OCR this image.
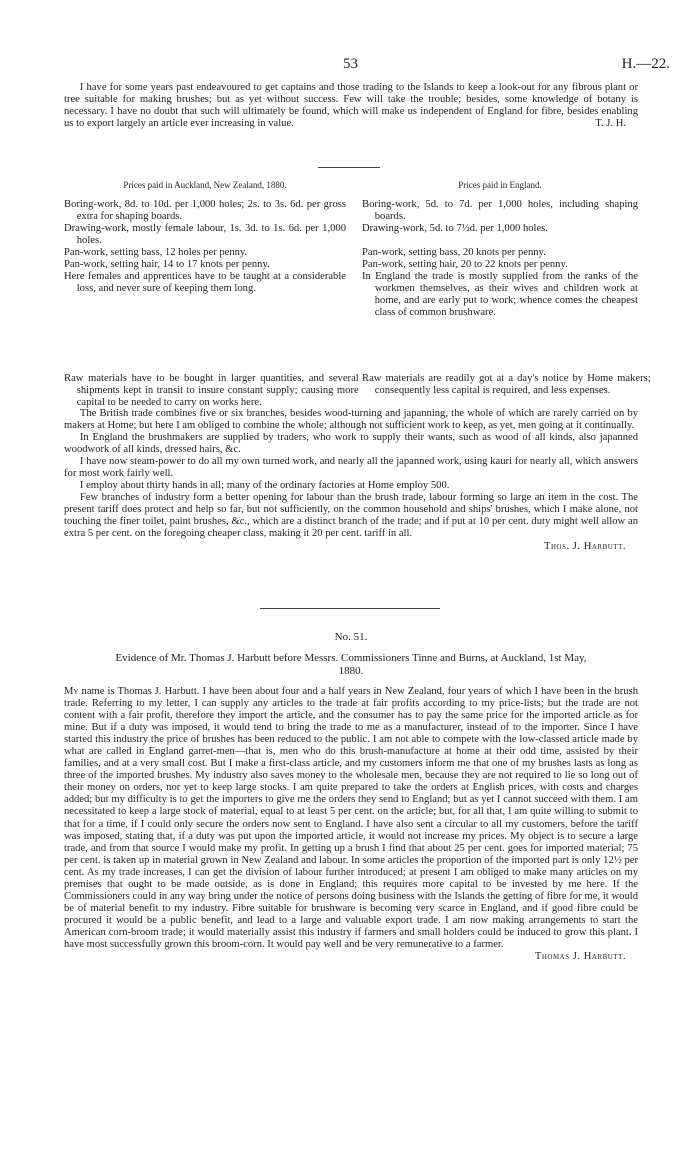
53	H.—22.

I have for some years past endeavoured to get captains and those trading to the Islands to keep a look-out for any fibrous plant or tree suitable for making brushes; but as yet without success. Few will take the trouble; besides, some knowledge of botany is necessary. I have no doubt that such will ultimately be found, which will make us independent of England for fibre, besides enabling us to export largely an article ever increasing in value.	T. J. H.

Prices paid in Auckland, New Zealand, 1880.

Boring-work, 8d. to 10d. per 1,000 holes; 2s. to 3s. 6d. per gross extra for shaping boards.

Drawing-work, mostly female labour, 1s. 3d. to 1s. 6d. per 1,000 holes.

Pan-work, setting bass, 12 holes per penny.

Pan-work, setting hair, 14 to 17 knots per penny.

Here females and apprentices have to be taught at a considerable loss, and never sure of keeping them long.

Raw materials have to be bought in larger quantities, and several shipments kept in transit to insure constant supply; causing more capital to be needed to carry on works here.

Prices paid in England.

Boring-work, 5d. to 7d. per 1,000 holes, including shaping boards.

Drawing-work, 5d. to 7½d. per 1,000 holes.

Pan-work, setting bass, 20 knots per penny.

Pan-work, setting hair, 20 to 22 knots per penny.

In England the trade is mostly supplied from the ranks of the workmen themselves, as their wives and children work at home, and are early put to work; whence comes the cheapest class of common brushware.

Raw materials are readily got at a day's notice by Home makers; consequently less capital is required, and less expenses.

The British trade combines five or six branches, besides wood-turning and japanning, the whole of which are rarely carried on by makers at Home; but here I am obliged to combine the whole; although not sufficient work to keep, as yet, men going at it continually.

In England the brushmakers are supplied by traders, who work to supply their wants, such as wood of all kinds, also japanned woodwork of all kinds, dressed hairs, &c.

I have now steam-power to do all my own turned work, and nearly all the japanned work, using kauri for nearly all, which answers for most work fairly well.

I employ about thirty hands in all; many of the ordinary factories at Home employ 500.

Few branches of industry form a better opening for labour than the brush trade, labour forming so large an item in the cost. The present tariff does protect and help so far, but not sufficiently, on the common household and ships' brushes, which I make alone, not touching the finer toilet, paint brushes, &c., which are a distinct branch of the trade; and if put at 10 per cent. duty might well allow an extra 5 per cent. on the foregoing cheaper class, making it 20 per cent. tariff in all.

Thos. J. Harbutt.

No. 51.

Evidence of Mr. Thomas J. Harbutt before Messrs. Commissioners Tinne and Burns, at Auckland, 1st May, 1880.

My name is Thomas J. Harbutt. I have been about four and a half years in New Zealand, four years of which I have been in the brush trade. Referring to my letter, I can supply any articles to the trade at fair profits according to my price-lists; but the trade are not content with a fair profit, therefore they import the article, and the consumer has to pay the same price for the imported article as for mine. But if a duty was imposed, it would tend to bring the trade to me as a manufacturer, instead of to the importer. Since I have started this industry the price of brushes has been reduced to the public. I am not able to compete with the low-classed article made by what are called in England garret-men—that is, men who do this brush-manufacture at home at their odd time, assisted by their families, and at a very small cost. But I make a first-class article, and my customers inform me that one of my brushes lasts as long as three of the imported brushes. My industry also saves money to the wholesale men, because they are not required to lie so long out of their money on orders, nor yet to keep large stocks. I am quite prepared to take the orders at English prices, with costs and charges added; but my difficulty is to get the importers to give me the orders they send to England; but as yet I cannot succeed with them. I am necessitated to keep a large stock of material, equal to at least 5 per cent. on the article; but, for all that, I am quite willing to submit to that for a time, if I could only secure the orders now sent to England. I have also sent a circular to all my customers, before the tariff was imposed, stating that, if a duty was put upon the imported article, it would not increase my prices. My object is to secure a large trade, and from that source I would make my profit. In getting up a brush I find that about 25 per cent. goes for imported material; 75 per cent. is taken up in material grown in New Zealand and labour. In some articles the proportion of the imported part is only 12½ per cent. As my trade increases, I can get the division of labour further introduced; at present I am obliged to make many articles on my premises that ought to be made outside, as is done in England; this requires more capital to be invested by me here. If the Commissioners could in any way bring under the notice of persons doing business with the Islands the getting of fibre for me, it would be of material benefit to my industry. Fibre suitable for brushware is becoming very scarce in England, and if good fibre could be procured it would be a public benefit, and lead to a large and valuable export trade. I am now making arrangements to start the American corn-broom trade; it would materially assist this industry if farmers and small holders could be induced to grow this plant. I have most successfully grown this broom-corn. It would pay well and be very remunerative to a farmer.

Thomas J. Harbutt.
